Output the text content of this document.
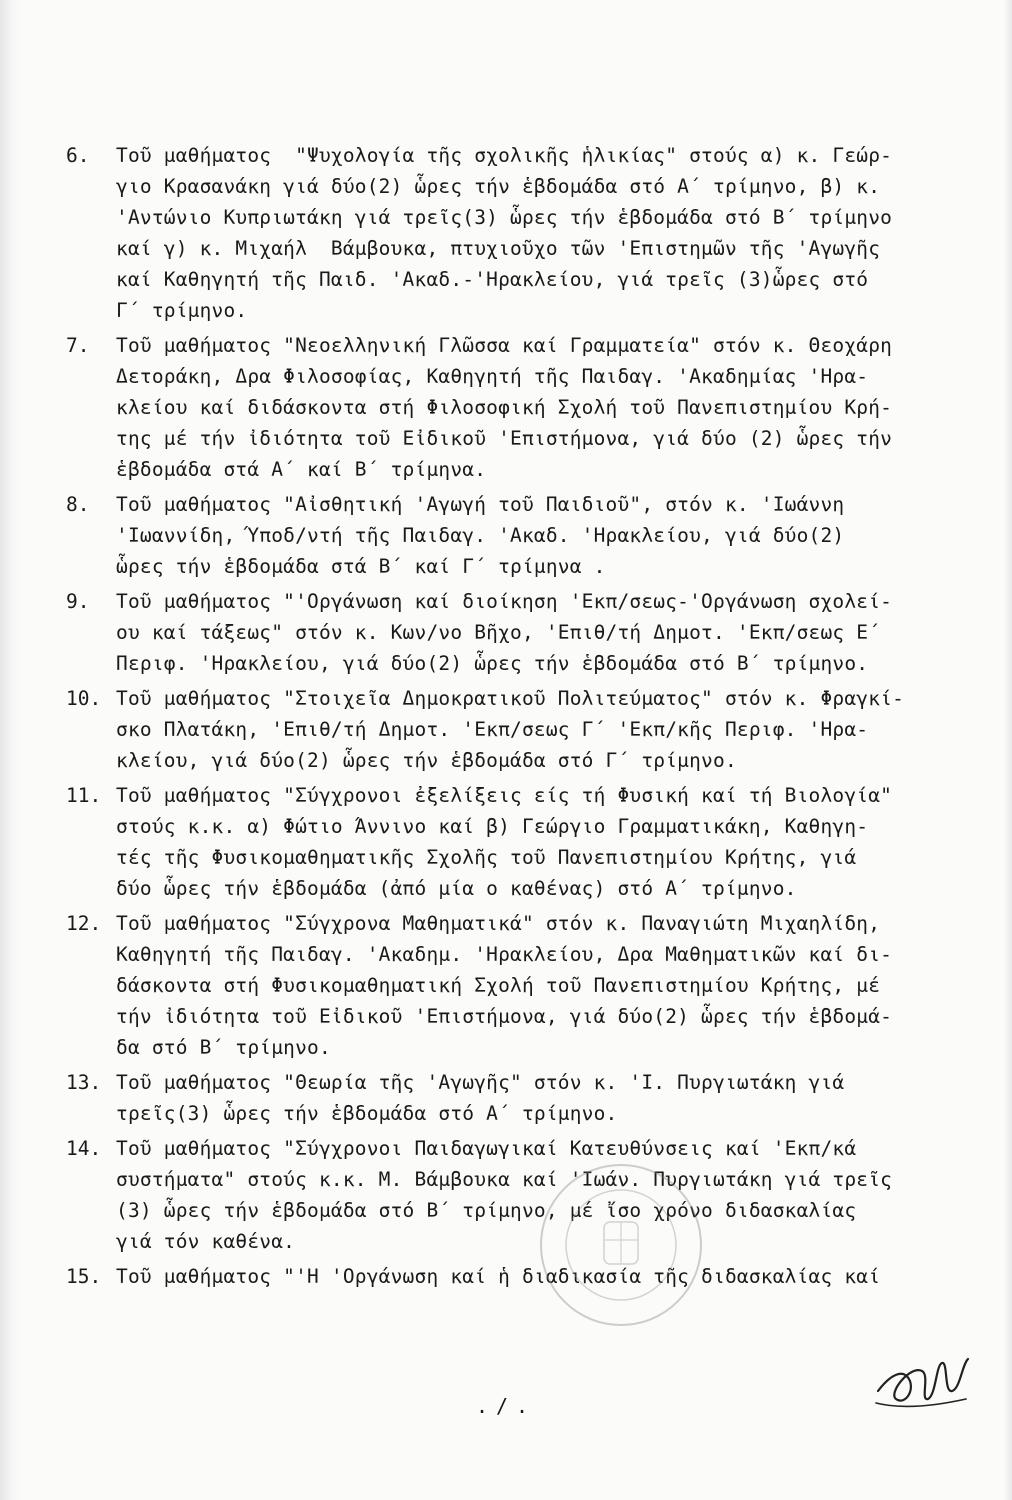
6.	Τοῦ μαθήματος  "Ψυχολογία τῆς σχολικῆς ἡλικίας" στούς α) κ. Γεώρ-
γιο Κρασανάκη γιά δύο(2) ὧρες τήν ἑβδομάδα στό Α΄ τρίμηνο, β) κ.
'Αντώνιο Κυπριωτάκη γιά τρεῖς(3) ὧρες τήν ἑβδομάδα στό Β΄ τρίμηνο
καί γ) κ. Μιχαήλ  Βάμβουκα, πτυχιοῦχο τῶν 'Επιστημῶν τῆς 'Αγωγῆς
καί Καθηγητή τῆς Παιδ. 'Ακαδ.-'Ηρακλείου, γιά τρεῖς (3)ὧρες στό
Γ΄ τρίμηνο.
7.	Τοῦ μαθήματος "Νεοελληνική Γλῶσσα καί Γραμματεία" στόν κ. Θεοχάρη
Δετοράκη, Δρα Φιλοσοφίας, Καθηγητή τῆς Παιδαγ. 'Ακαδημίας 'Ηρα-
κλείου καί διδάσκοντα στή Φιλοσοφική Σχολή τοῦ Πανεπιστημίου Κρή-
της μέ τήν ἰδιότητα τοῦ Εἰδικοῦ 'Επιστήμονα, γιά δύο (2) ὧρες τήν
ἑβδομάδα στά Α΄ καί Β΄ τρίμηνα.
8.	Τοῦ μαθήματος "Αἰσθητική 'Αγωγή τοῦ Παιδιοῦ", στόν κ. 'Ιωάννη
'Ιωαννίδη, Ύποδ/ντή τῆς Παιδαγ. 'Ακαδ. 'Ηρακλείου, γιά δύο(2)
ὧρες τήν ἑβδομάδα στά Β΄ καί Γ΄ τρίμηνα .
9.	Τοῦ μαθήματος "'Οργάνωση καί διοίκηση 'Εκπ/σεως-'Οργάνωση σχολεί-
ου καί τάξεως" στόν κ. Κων/νο Βῆχο, 'Επιθ/τή Δημοτ. 'Εκπ/σεως Ε΄
Περιφ. 'Ηρακλείου, γιά δύο(2) ὧρες τήν ἑβδομάδα στό Β΄ τρίμηνο.
10. Τοῦ μαθήματος "Στοιχεῖα Δημοκρατικοῦ Πολιτεύματος" στόν κ. Φραγκί-
σκο Πλατάκη, 'Επιθ/τή Δημοτ. 'Εκπ/σεως Γ΄ 'Εκπ/κῆς Περιφ. 'Ηρα-
κλείου, γιά δύο(2) ὧρες τήν ἑβδομάδα στό Γ΄ τρίμηνο.
11. Τοῦ μαθήματος "Σύγχρονοι ἐξελίξεις είς τή Φυσική καί τή Βιολογία"
στούς κ.κ. α) Φώτιο Άννινο καί β) Γεώργιο Γραμματικάκη, Καθηγη-
τές τῆς Φυσικομαθηματικῆς Σχολῆς τοῦ Πανεπιστημίου Κρήτης, γιά
δύο ὧρες τήν ἑβδομάδα (ἀπό μία ο καθένας) στό Α΄ τρίμηνο.
12. Τοῦ μαθήματος "Σύγχρονα Μαθηματικά" στόν κ. Παναγιώτη Μιχαηλίδη,
Καθηγητή τῆς Παιδαγ. 'Ακαδημ. 'Ηρακλείου, Δρα Μαθηματικῶν καί δι-
δάσκοντα στή Φυσικομαθηματική Σχολή τοῦ Πανεπιστημίου Κρήτης, μέ
τήν ἰδιότητα τοῦ Εἰδικοῦ 'Επιστήμονα, γιά δύο(2) ὧρες τήν ἑβδομά-
δα στό Β΄ τρίμηνο.
13. Τοῦ μαθήματος "Θεωρία τῆς 'Αγωγῆς" στόν κ. 'Ι. Πυργιωτάκη γιά
τρεῖς(3) ὧρες τήν ἑβδομάδα στό Α΄ τρίμηνο.
14. Τοῦ μαθήματος "Σύγχρονοι Παιδαγωγικαί Κατευθύνσεις καί 'Εκπ/κά
συστήματα" στούς κ.κ. Μ. Βάμβουκα καί 'Ιωάν. Πυργιωτάκη γιά τρεῖς
(3) ὧρες τήν ἑβδομάδα στό Β΄ τρίμηνο, μέ ἴσο χρόνο διδασκαλίας
γιά τόν καθένα.
15. Τοῦ μαθήματος "'Η 'Οργάνωση καί ἡ διαδικασία τῆς διδασκαλίας καί
./.
